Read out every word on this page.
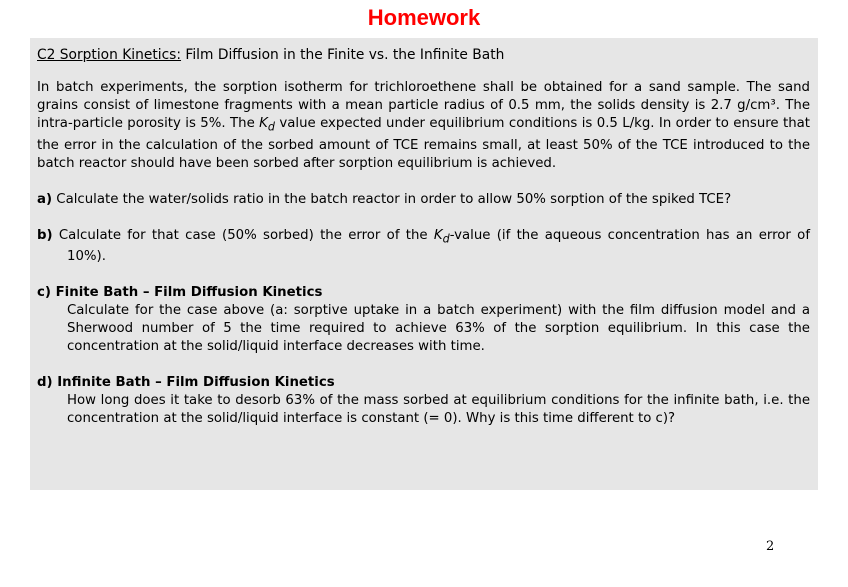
Homework

C2 Sorption Kinetics: Film Diffusion in the Finite vs. the Infinite Bath

In batch experiments, the sorption isotherm for trichloroethene shall be obtained for a sand sample. The sand grains consist of limestone fragments with a mean particle radius of 0.5 mm, the solids density is 2.7 g/cm³. The intra-particle porosity is 5%. The $K_d$ value expected under equilibrium conditions is 0.5 L/kg. In order to ensure that the error in the calculation of the sorbed amount of TCE remains small, at least 50% of the TCE introduced to the batch reactor should have been sorbed after sorption equilibrium is achieved.

a) Calculate the water/solids ratio in the batch reactor in order to allow 50% sorption of the spiked TCE?

b) Calculate for that case (50% sorbed) the error of the $K_d$-value (if the aqueous concentration has an error of 10%).

c) Finite Bath – Film Diffusion Kinetics

Calculate for the case above (a: sorptive uptake in a batch experiment) with the film diffusion model and a Sherwood number of 5 the time required to achieve 63% of the sorption equilibrium. In this case the concentration at the solid/liquid interface decreases with time.

d) Infinite Bath – Film Diffusion Kinetics

How long does it take to desorb 63% of the mass sorbed at equilibrium conditions for the infinite bath, i.e. the concentration at the solid/liquid interface is constant (= 0). Why is this time different to c)?

2
